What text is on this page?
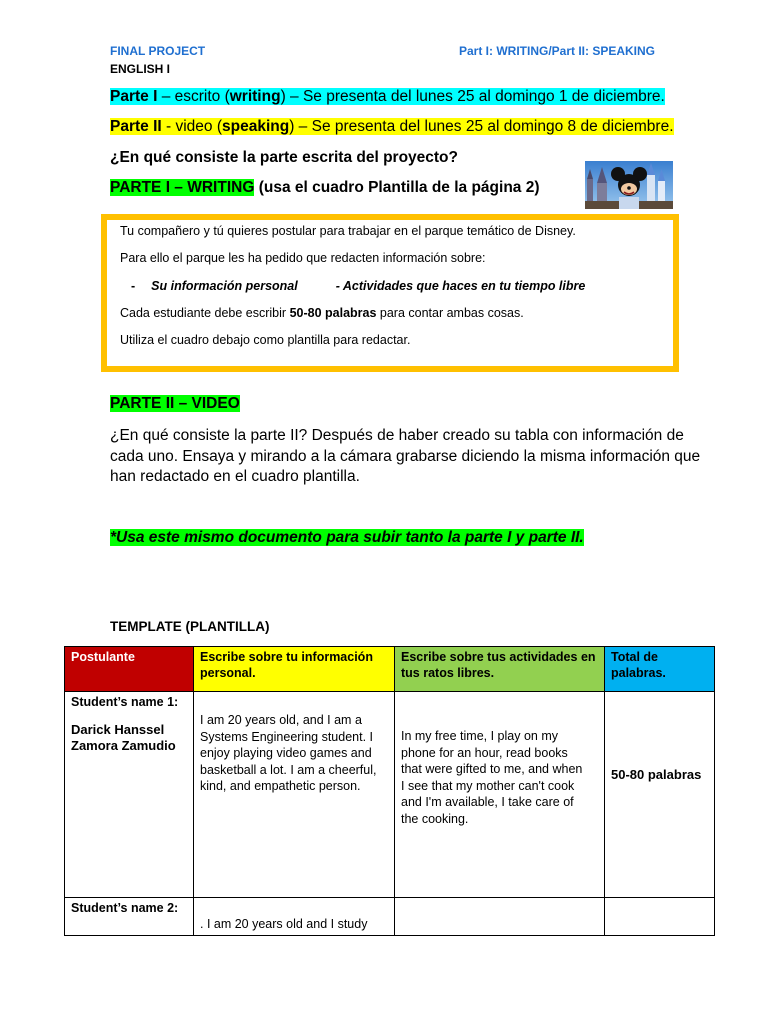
FINAL PROJECT	Part I: WRITING/Part II: SPEAKING
ENGLISH I
Parte I – escrito (writing) – Se presenta del lunes 25 al domingo 1 de diciembre.
Parte II - video (speaking) – Se presenta del lunes 25 al domingo 8 de diciembre.
¿En qué consiste la parte escrita del proyecto?
PARTE I – WRITING (usa el cuadro Plantilla de la página 2)

Tu compañero y tú quieres postular para trabajar en el parque temático de Disney.

Para ello el parque les ha pedido que redacten información sobre:

- Su información personal	- Actividades que haces en tu tiempo libre

Cada estudiante debe escribir 50-80 palabras para contar ambas cosas.

Utiliza el cuadro debajo como plantilla para redactar.

PARTE II – VIDEO
¿En qué consiste la parte II? Después de haber creado su tabla con información de cada uno. Ensaya y mirando a la cámara grabarse diciendo la misma información que han redactado en el cuadro plantilla.
*Usa este mismo documento para subir tanto la parte I y parte II.
TEMPLATE (PLANTILLA)
Postulante	Escribe sobre tu información personal.	Escribe sobre tus actividades en tus ratos libres.	Total de palabras.

Student’s name 1:
Darick Hanssel Zamora Zamudio	I am 20 years old, and I am a Systems Engineering student. I enjoy playing video games and basketball a lot. I am a cheerful, kind, and empathetic person.	In my free time, I play on my phone for an hour, read books that were gifted to me, and when I see that my mother can't cook and I'm available, I take care of the cooking.	50-80 palabras

Student’s name 2:	. I am 20 years old and I study		
